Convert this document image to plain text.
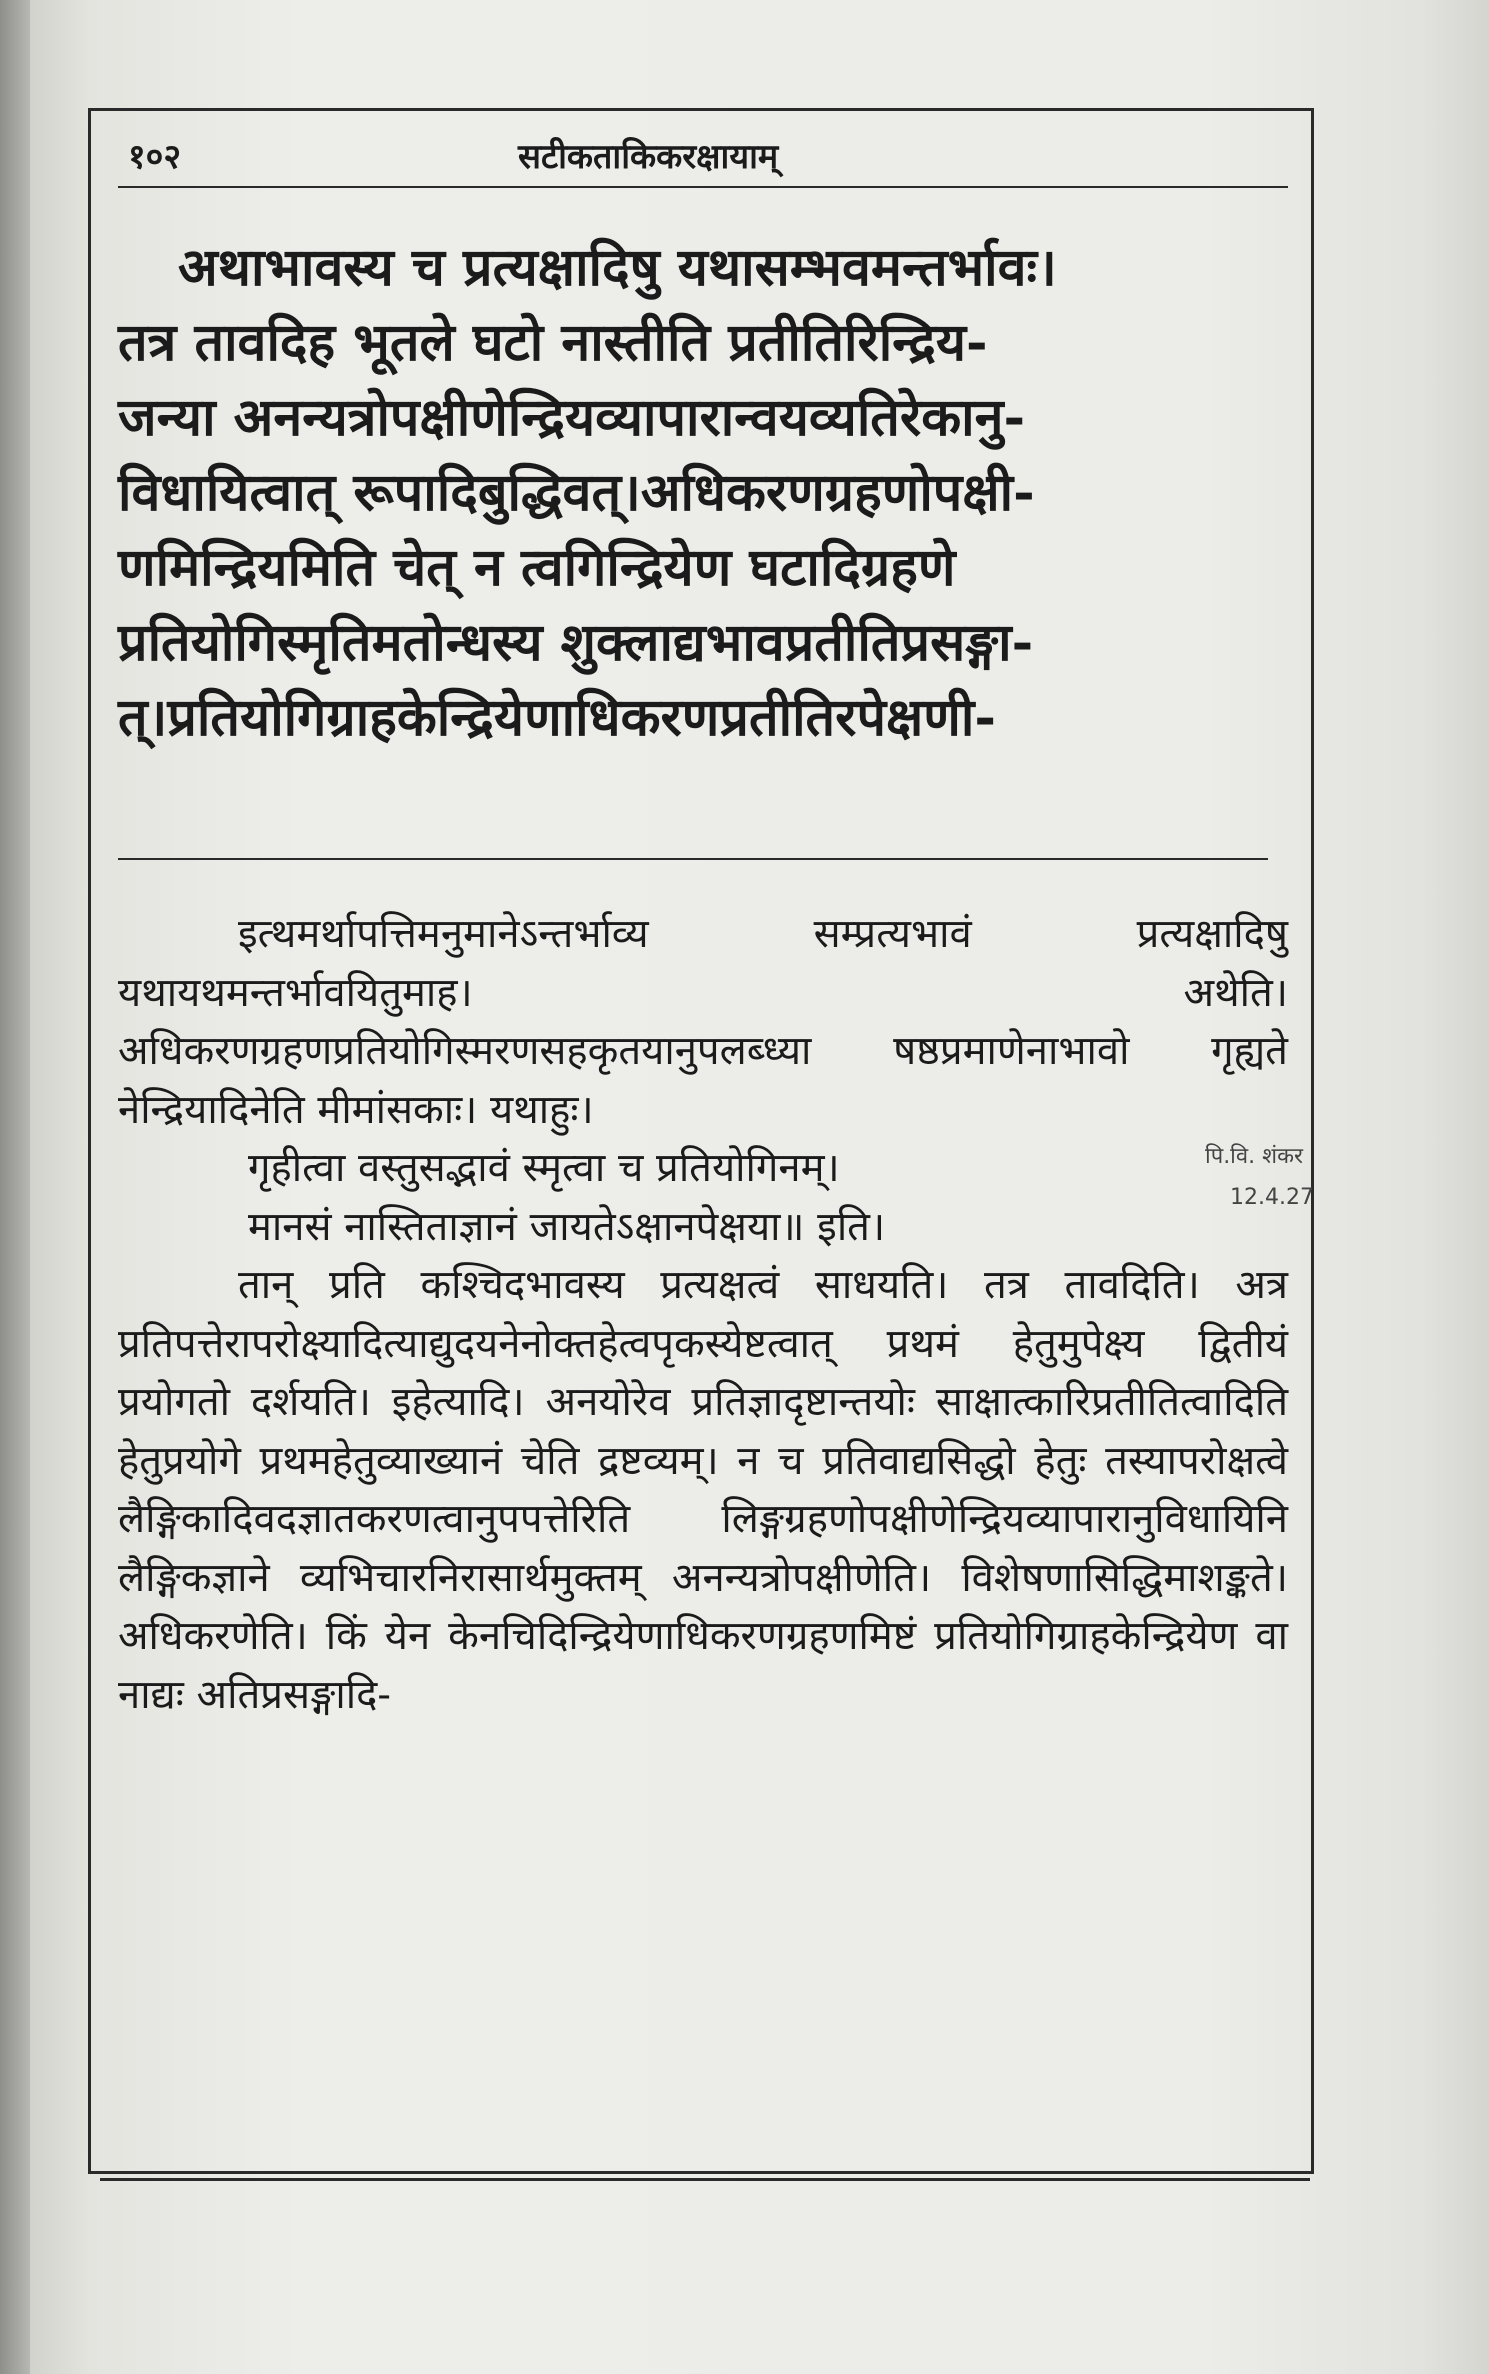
१०२	सटीकताकिकरक्षायाम्

अथाभावस्य च प्रत्यक्षादिषु यथासम्भवमन्तर्भावः।

तत्र तावदिह भूतले घटो नास्तीति प्रतीतिरिन्द्रिय-

जन्या अनन्यत्रोपक्षीणेन्द्रियव्यापारान्वयव्यतिरेकानु-

विधायित्वात् रूपादिबुद्धिवत्।अधिकरणग्रहणोपक्षी-

णमिन्द्रियमिति चेत् न त्वगिन्द्रियेण घटादिग्रहणे

प्रतियोगिस्मृतिमतोन्धस्य शुक्लाद्यभावप्रतीतिप्रसङ्गा-

त्।प्रतियोगिग्राहकेन्द्रियेणाधिकरणप्रतीतिरपेक्षणी-

इत्थमर्थापत्तिमनुमानेऽन्तर्भाव्य सम्प्रत्यभावं प्रत्यक्षादिषु यथायथमन्तर्भावयितुमाह। अथेति। अधिकरणग्रहणप्रतियोगिस्मरणसहकृतयानुपलब्ध्या षष्ठप्रमाणेनाभावो गृह्यते नेन्द्रियादिनेति मीमांसकाः। यथाहुः।

गृहीत्वा वस्तुसद्भावं स्मृत्वा च प्रतियोगिनम्।

मानसं नास्तिताज्ञानं जायतेऽक्षानपेक्षया॥ इति।

तान् प्रति कश्चिदभावस्य प्रत्यक्षत्वं साधयति। तत्र तावदिति। अत्र प्रतिपत्तेरापरोक्ष्यादित्याद्युदयनेनोक्तहेत्वपृकस्येष्टत्वात् प्रथमं हेतुमुपेक्ष्य द्वितीयं प्रयोगतो दर्शयति। इहेत्यादि। अनयोरेव प्रतिज्ञादृष्टान्तयोः साक्षात्कारिप्रतीतित्वादिति हेतुप्रयोगे प्रथमहेतुव्याख्यानं चेति द्रष्टव्यम्। न च प्रतिवाद्यसिद्धो हेतुः तस्यापरोक्षत्वे लैङ्गिकादिवदज्ञातकरणत्वानुपपत्तेरिति लिङ्गग्रहणोपक्षीणेन्द्रियव्यापारानुविधायिनि लैङ्गिकज्ञाने व्यभिचारनिरासार्थमुक्तम् अनन्यत्रोपक्षीणेति। विशेषणासिद्धिमाशङ्कते। अधिकरणेति। किं येन केनचिदिन्द्रियेणाधिकरणग्रहणमिष्टं प्रतियोगिग्राहकेन्द्रियेण वा नाद्यः अतिप्रसङ्गादि-

पि.वि. शंकर
12.4.27
